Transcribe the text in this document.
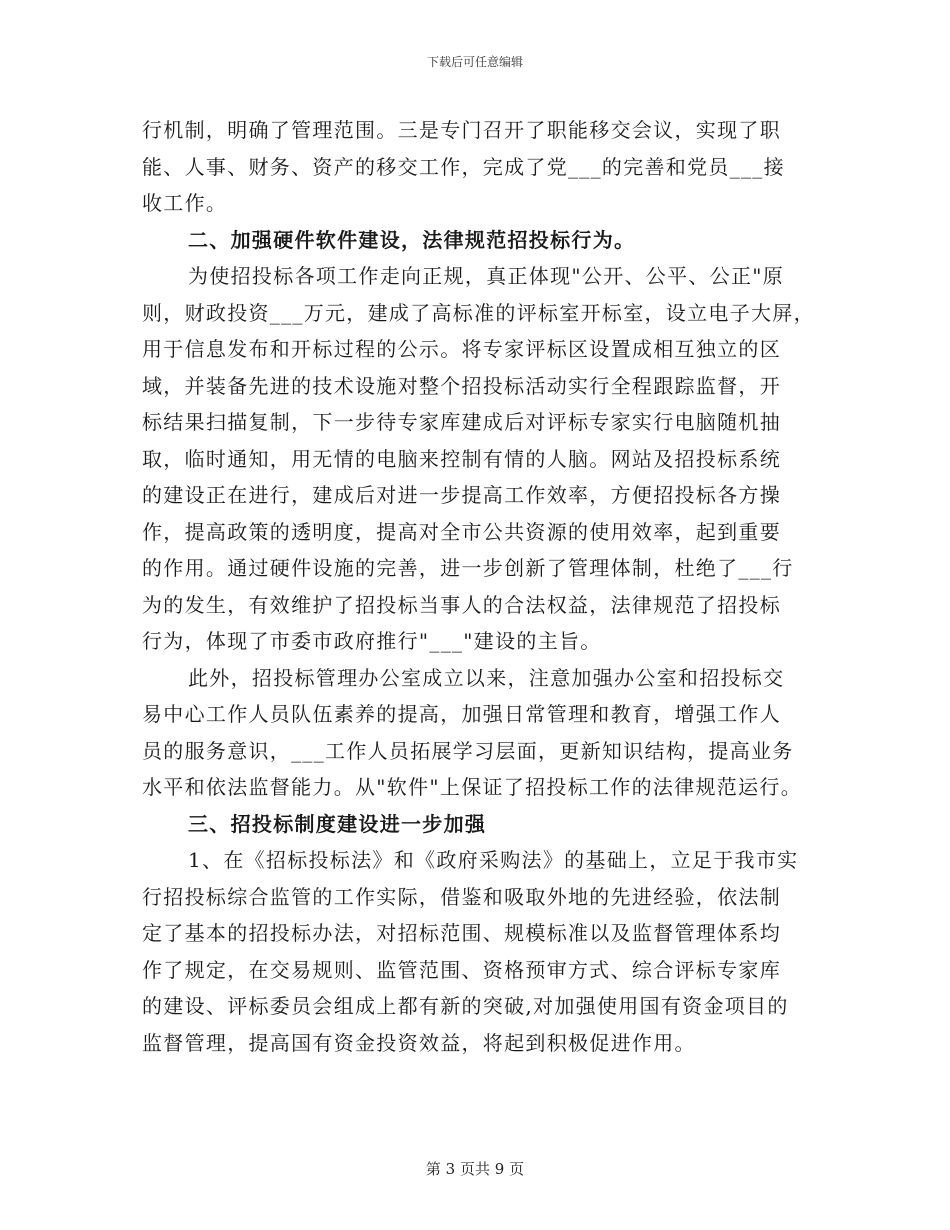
下载后可任意编辑
行机制，明确了管理范围。三是专门召开了职能移交会议，实现了职
能、人事、财务、资产的移交工作，完成了党___的完善和党员___接
收工作。
二、加强硬件软件建设，法律规范招投标行为。
为使招投标各项工作走向正规，真正体现"公开、公平、公正"原
则，财政投资___万元，建成了高标准的评标室开标室，设立电子大屏，
用于信息发布和开标过程的公示。将专家评标区设置成相互独立的区
域，并装备先进的技术设施对整个招投标活动实行全程跟踪监督，开
标结果扫描复制，下一步待专家库建成后对评标专家实行电脑随机抽
取，临时通知，用无情的电脑来控制有情的人脑。网站及招投标系统
的建设正在进行，建成后对进一步提高工作效率，方便招投标各方操
作，提高政策的透明度，提高对全市公共资源的使用效率，起到重要
的作用。通过硬件设施的完善，进一步创新了管理体制，杜绝了___行
为的发生，有效维护了招投标当事人的合法权益，法律规范了招投标
行为，体现了市委市政府推行"___"建设的主旨。
此外，招投标管理办公室成立以来，注意加强办公室和招投标交
易中心工作人员队伍素养的提高，加强日常管理和教育，增强工作人
员的服务意识，___工作人员拓展学习层面，更新知识结构，提高业务
水平和依法监督能力。从"软件"上保证了招投标工作的法律规范运行。
三、招投标制度建设进一步加强
1、在《招标投标法》和《政府采购法》的基础上，立足于我市实
行招投标综合监管的工作实际，借鉴和吸取外地的先进经验，依法制
定了基本的招投标办法，对招标范围、规模标准以及监督管理体系均
作了规定，在交易规则、监管范围、资格预审方式、综合评标专家库
的建设、评标委员会组成上都有新的突破,对加强使用国有资金项目的
监督管理，提高国有资金投资效益，将起到积极促进作用。
第 3 页共 9 页
